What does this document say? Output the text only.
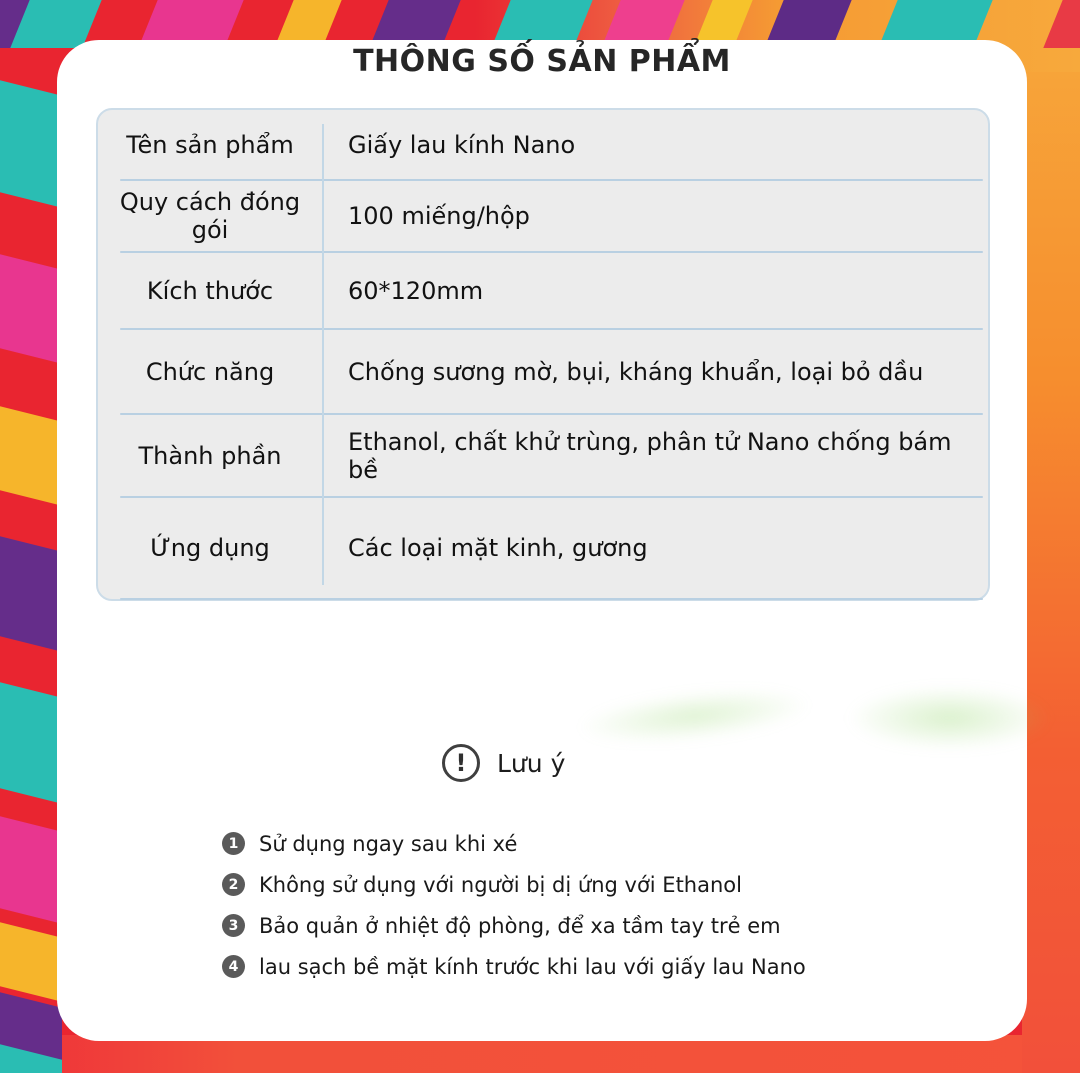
THÔNG SỐ SẢN PHẨM
Tên sản phẩm	Giấy lau kính Nano
Quy cách đóng gói	100 miếng/hộp
Kích thước	60*120mm
Chức năng	Chống sương mờ, bụi, kháng khuẩn, loại bỏ dầu
Thành phần	Ethanol, chất khử trùng, phân tử Nano chống bám bề
Ứng dụng	Các loại mặt kinh, gương
! Lưu ý
1 Sử dụng ngay sau khi xé
2 Không sử dụng với người bị dị ứng với Ethanol
3 Bảo quản ở nhiệt độ phòng, để xa tầm tay trẻ em
4 lau sạch bề mặt kính trước khi lau với giấy lau Nano
